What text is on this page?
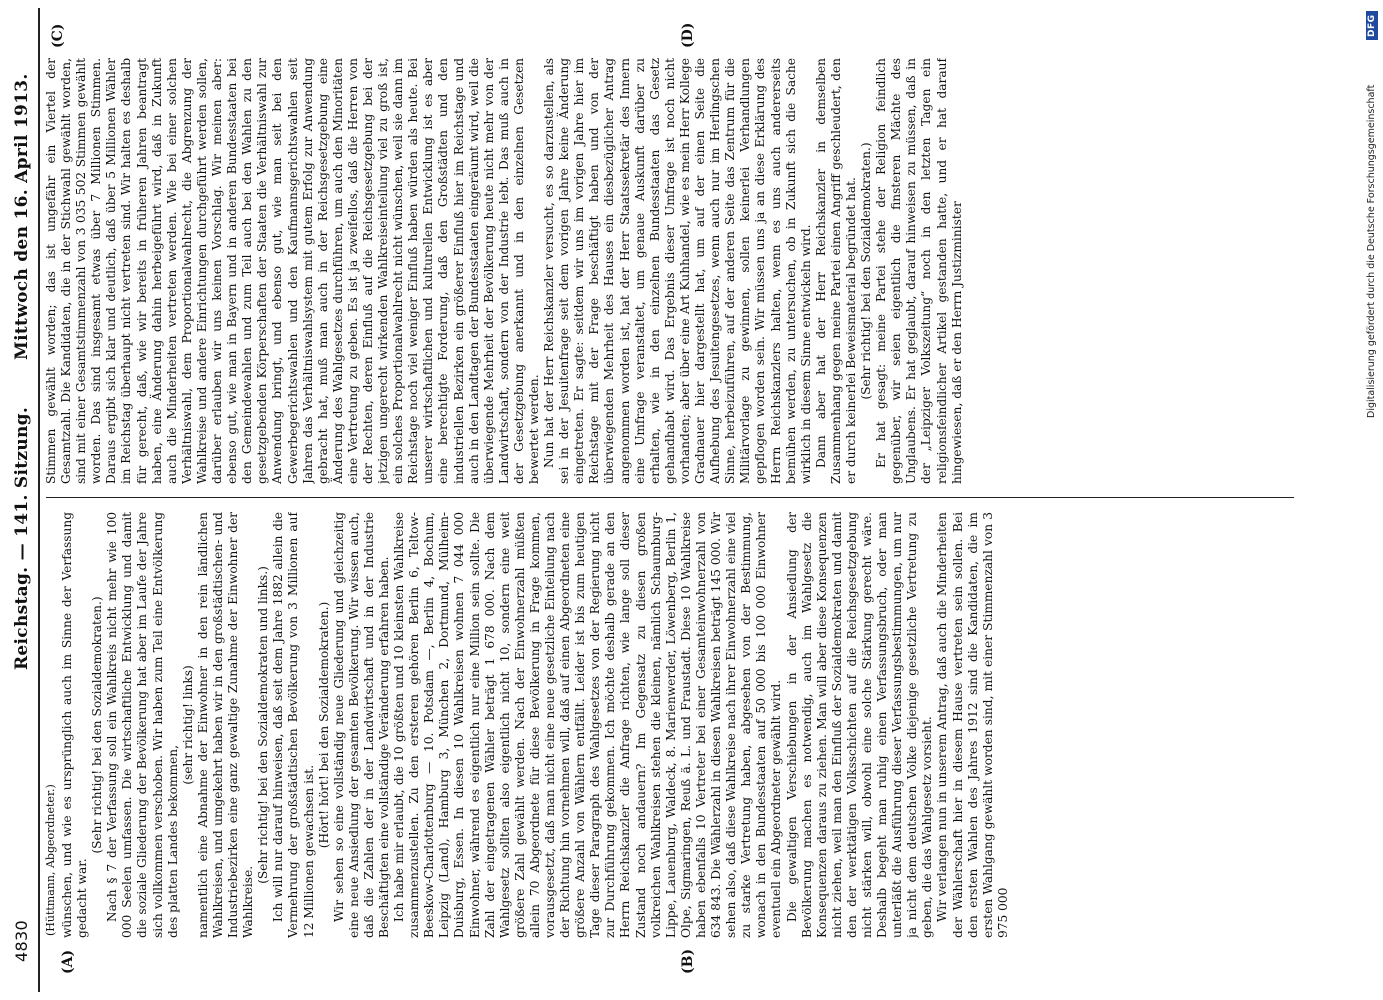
4830
Reichstag. — 141. Sitzung.
Mittwoch den 16. April 1913.
(Hüttmann, Abgeordneter.)
(A)	(B)
(C)	(D)

wünschen, und wie es ursprünglich auch im Sinne der Verfassung gedacht war.

(Sehr richtig! bei den Sozialdemokraten.) Nach § 7 der Verfassung soll ein Wahlkreis nicht mehr wie 100 000 Seelen umfassen. Die wirtschaftliche Entwicklung und damit die soziale Gliederung der Bevölkerung hat aber im Laufe der Jahre sich vollkommen verschoben. Wir haben zum Teil eine Entvölkerung des platten Landes bekommen,

(sehr richtig! links) namentlich eine Abnahme der Einwohner in den rein ländlichen Wahlkreisen, und umgekehrt haben wir in den großstädtischen- und Industriebezirken eine ganz gewaltige Zunahme der Einwohner der Wahlkreise.

(Sehr richtig! bei den Sozialdemokraten und links.) Ich will nur darauf hinweisen, daß seit dem Jahre 1882 allein die Vermehrung der großstädtischen Bevölkerung von 3 Millionen auf 12 Millionen gewachsen ist.

(Hört! hört! bei den Sozialdemokraten.) Wir sehen so eine vollständig neue Gliederung und gleichzeitig eine neue Ansiedlung der gesamten Bevölkerung. Wir wissen auch, daß die Zahlen der in der Landwirtschaft und in der Industrie Beschäftigten eine vollständige Veränderung erfahren haben. Ich habe mir erlaubt, die 10 größten und 10 kleinsten Wahlkreise zusammenzustellen. Zu den ersteren gehören Berlin 6, Teltow-Beeskow-Charlottenburg — 10. Potsdam —, Berlin 4, Bochum, Leipzig (Land), Hamburg 3, München 2, Dortmund, Mülheim-Duisburg, Essen. In diesen 10 Wahlkreisen wohnen 7 044 000 Einwohner, während es eigentlich nur eine Million sein sollte. Die Zahl der eingetragenen Wähler beträgt 1 678 000. Nach dem Wahlgesetz sollten also eigentlich nicht 10, sondern eine weit größere Zahl gewählt werden. Nach der Einwohnerzahl müßten allein 70 Abgeordnete für diese Bevölkerung in Frage kommen, vorausgesetzt, daß man nicht eine neue gesetzliche Einteilung nach der Richtung hin vornehmen will, daß auf einen Abgeordneten eine größere Anzahl von Wählern entfällt. Leider ist bis zum heutigen Tage dieser Paragraph des Wahlgesetzes von der Regierung nicht zur Durchführung gekommen. Ich möchte deshalb gerade an den Herrn Reichskanzler die Anfrage richten, wie lange soll dieser Zustand noch andauern? Im Gegensatz zu diesen großen volkreichen Wahlkreisen stehen die kleinen, nämlich Schaumburg-Lippe, Lauenburg, Waldeck, 8. Marienwerder, Löwenberg, Berlin 1, Olpe, Sigmaringen, Reuß ä. L. und Fraustadt. Diese 10 Wahlkreise haben ebenfalls 10 Vertreter bei einer Gesamteinwohnerzahl von 634 843. Die Wählerzahl in diesen Wahlkreisen beträgt 145 000. Wir sehen also, daß diese Wahlkreise nach ihrer Einwohnerzahl eine viel zu starke Vertretung haben, abgesehen von der Bestimmung, wonach in den Bundesstaaten auf 50 000 bis 100 000 Einwohner eventuell ein Abgeordneter gewählt wird. Die gewaltigen Verschiebungen in der Ansiedlung der Bevölkerung machen es notwendig, auch im Wahlgesetz die Konsequenzen daraus zu ziehen. Man will aber diese Konsequenzen nicht ziehen, weil man den Einfluß der Sozialdemokraten und damit den der werktätigen Volksschichten auf die Reichsgesetzgebung nicht stärken will, obwohl eine solche Stärkung gerecht wäre. Deshalb begeht man ruhig einen Verfassungsbruch, oder man unterläßt die Ausführung dieser Verfassungsbestimmungen, um nur ja nicht dem deutschen Volke diejenige gesetzliche Vertretung zu geben, die das Wahlgesetz vorsieht. Wir verlangen nun in unserem Antrag, daß auch die Minderheiten der Wählerschaft hier in diesem Hause vertreten sein sollen. Bei den ersten Wahlen des Jahres 1912 sind die Kandidaten, die im ersten Wahlgang gewählt worden sind, mit einer Stimmenzahl von 3 975 000

Stimmen gewählt worden; das ist ungefähr ein Viertel der Gesamtzahl. Die Kandidaten, die in der Stichwahl gewählt worden, sind mit einer Gesamtstimmenzahl von 3 035 502 Stimmen gewählt worden. Das sind insgesamt etwas über 7 Millionen Stimmen. Daraus ergibt sich klar und deutlich, daß über 5 Millionen Wähler im Reichstag überhaupt nicht vertreten sind. Wir halten es deshalb für gerecht, daß, wie wir bereits in früheren Jahren beantragt haben, eine Änderung dahin herbeigeführt wird, daß in Zukunft auch die Minderheiten vertreten werden. Wie bei einer solchen Verhältniswahl, dem Proportionalwahlrecht, die Abgrenzung der Wahlkreise und andere Einrichtungen durchgeführt werden sollen, darüber erlauben wir uns keinen Vorschlag. Wir meinen aber: ebenso gut, wie man in Bayern und in anderen Bundesstaaten bei den Gemeindewahlen und zum Teil auch bei den Wahlen zu den gesetzgebenden Körperschaften der Staaten die Verhältniswahl zur Anwendung bringt, und ebenso gut, wie man seit bei den Gewerbegerichtswahlen und den Kaufmannsgerichtswahlen seit Jahren das Verhältniswahlsystem mit gutem Erfolg zur Anwendung gebracht hat, muß man auch in der Reichsgesetzgebung eine Änderung des Wahlgesetzes durchführen, um auch den Minoritäten eine Vertretung zu geben. Es ist ja zweifellos, daß die Herren von der Rechten, deren Einfluß auf die Reichsgesetzgebung bei der jetzigen ungerecht wirkenden Wahlkreiseinteilung viel zu groß ist, ein solches Proportionalwahlrecht nicht wünschen, weil sie dann im Reichstage noch viel weniger Einfluß haben würden als heute. Bei unserer wirtschaftlichen und kulturellen Entwicklung ist es aber eine berechtigte Forderung, daß den Großstädten und den industriellen Bezirken ein größerer Einfluß hier im Reichstage und auch in den Landtagen der Bundesstaaten eingeräumt wird, weil die überwiegende Mehrheit der Bevölkerung heute nicht mehr von der Landwirtschaft, sondern von der Industrie lebt. Das muß auch in der Gesetzgebung anerkannt und in den einzelnen Gesetzen bewertet werden. Nun hat der Herr Reichskanzler versucht, es so darzustellen, als sei in der Jesuitenfrage seit dem vorigen Jahre keine Änderung eingetreten. Er sagte: seitdem wir uns im vorigen Jahre hier im Reichstage mit der Frage beschäftigt haben und von der überwiegenden Mehrheit des Hauses ein diesbezüglicher Antrag angenommen worden ist, hat der Herr Staatssekretär des Innern eine Umfrage veranstaltet, um genaue Auskunft darüber zu erhalten, wie in den einzelnen Bundesstaaten das Gesetz gehandhabt wird. Das Ergebnis dieser Umfrage ist noch nicht vorhanden; aber über eine Art Kuhhandel, wie es mein Herr Kollege Gradnauer hier dargestellt hat, um auf der einen Seite die Aufhebung des Jesuitengesetzes, wenn auch nur im Herlingschen Sinne, herbeizuführen, auf der anderen Seite das Zentrum für die Militärvorlage zu gewinnen, sollen keinerlei Verhandlungen gepflogen worden sein. Wir müssen uns ja an diese Erklärung des Herrn Reichskanzlers halten, wenn es uns auch andererseits bemühen werden, zu untersuchen, ob in Zukunft sich die Sache wirklich in diesem Sinne entwickeln wird. Dann aber hat der Herr Reichskanzler in demselben Zusammenhang gegen meine Partei einen Angriff geschleudert, den er durch keinerlei Beweismaterial begründet hat. (Sehr richtig! bei den Sozialdemokraten.) Er hat gesagt: meine Partei stehe der Religion feindlich gegenüber, wir seien eigentlich die finsteren Mächte des Unglaubens. Er hat geglaubt, darauf hinweisen zu müssen, daß in der „Leipziger Volkszeitung“ noch in den letzten Tagen ein religionsfeindlicher Artikel gestanden hatte, und er hat darauf hingewiesen, daß er den Herrn Justizminister

DFG
Digitalisierung gefördert durch die Deutsche Forschungsgemeinschaft
